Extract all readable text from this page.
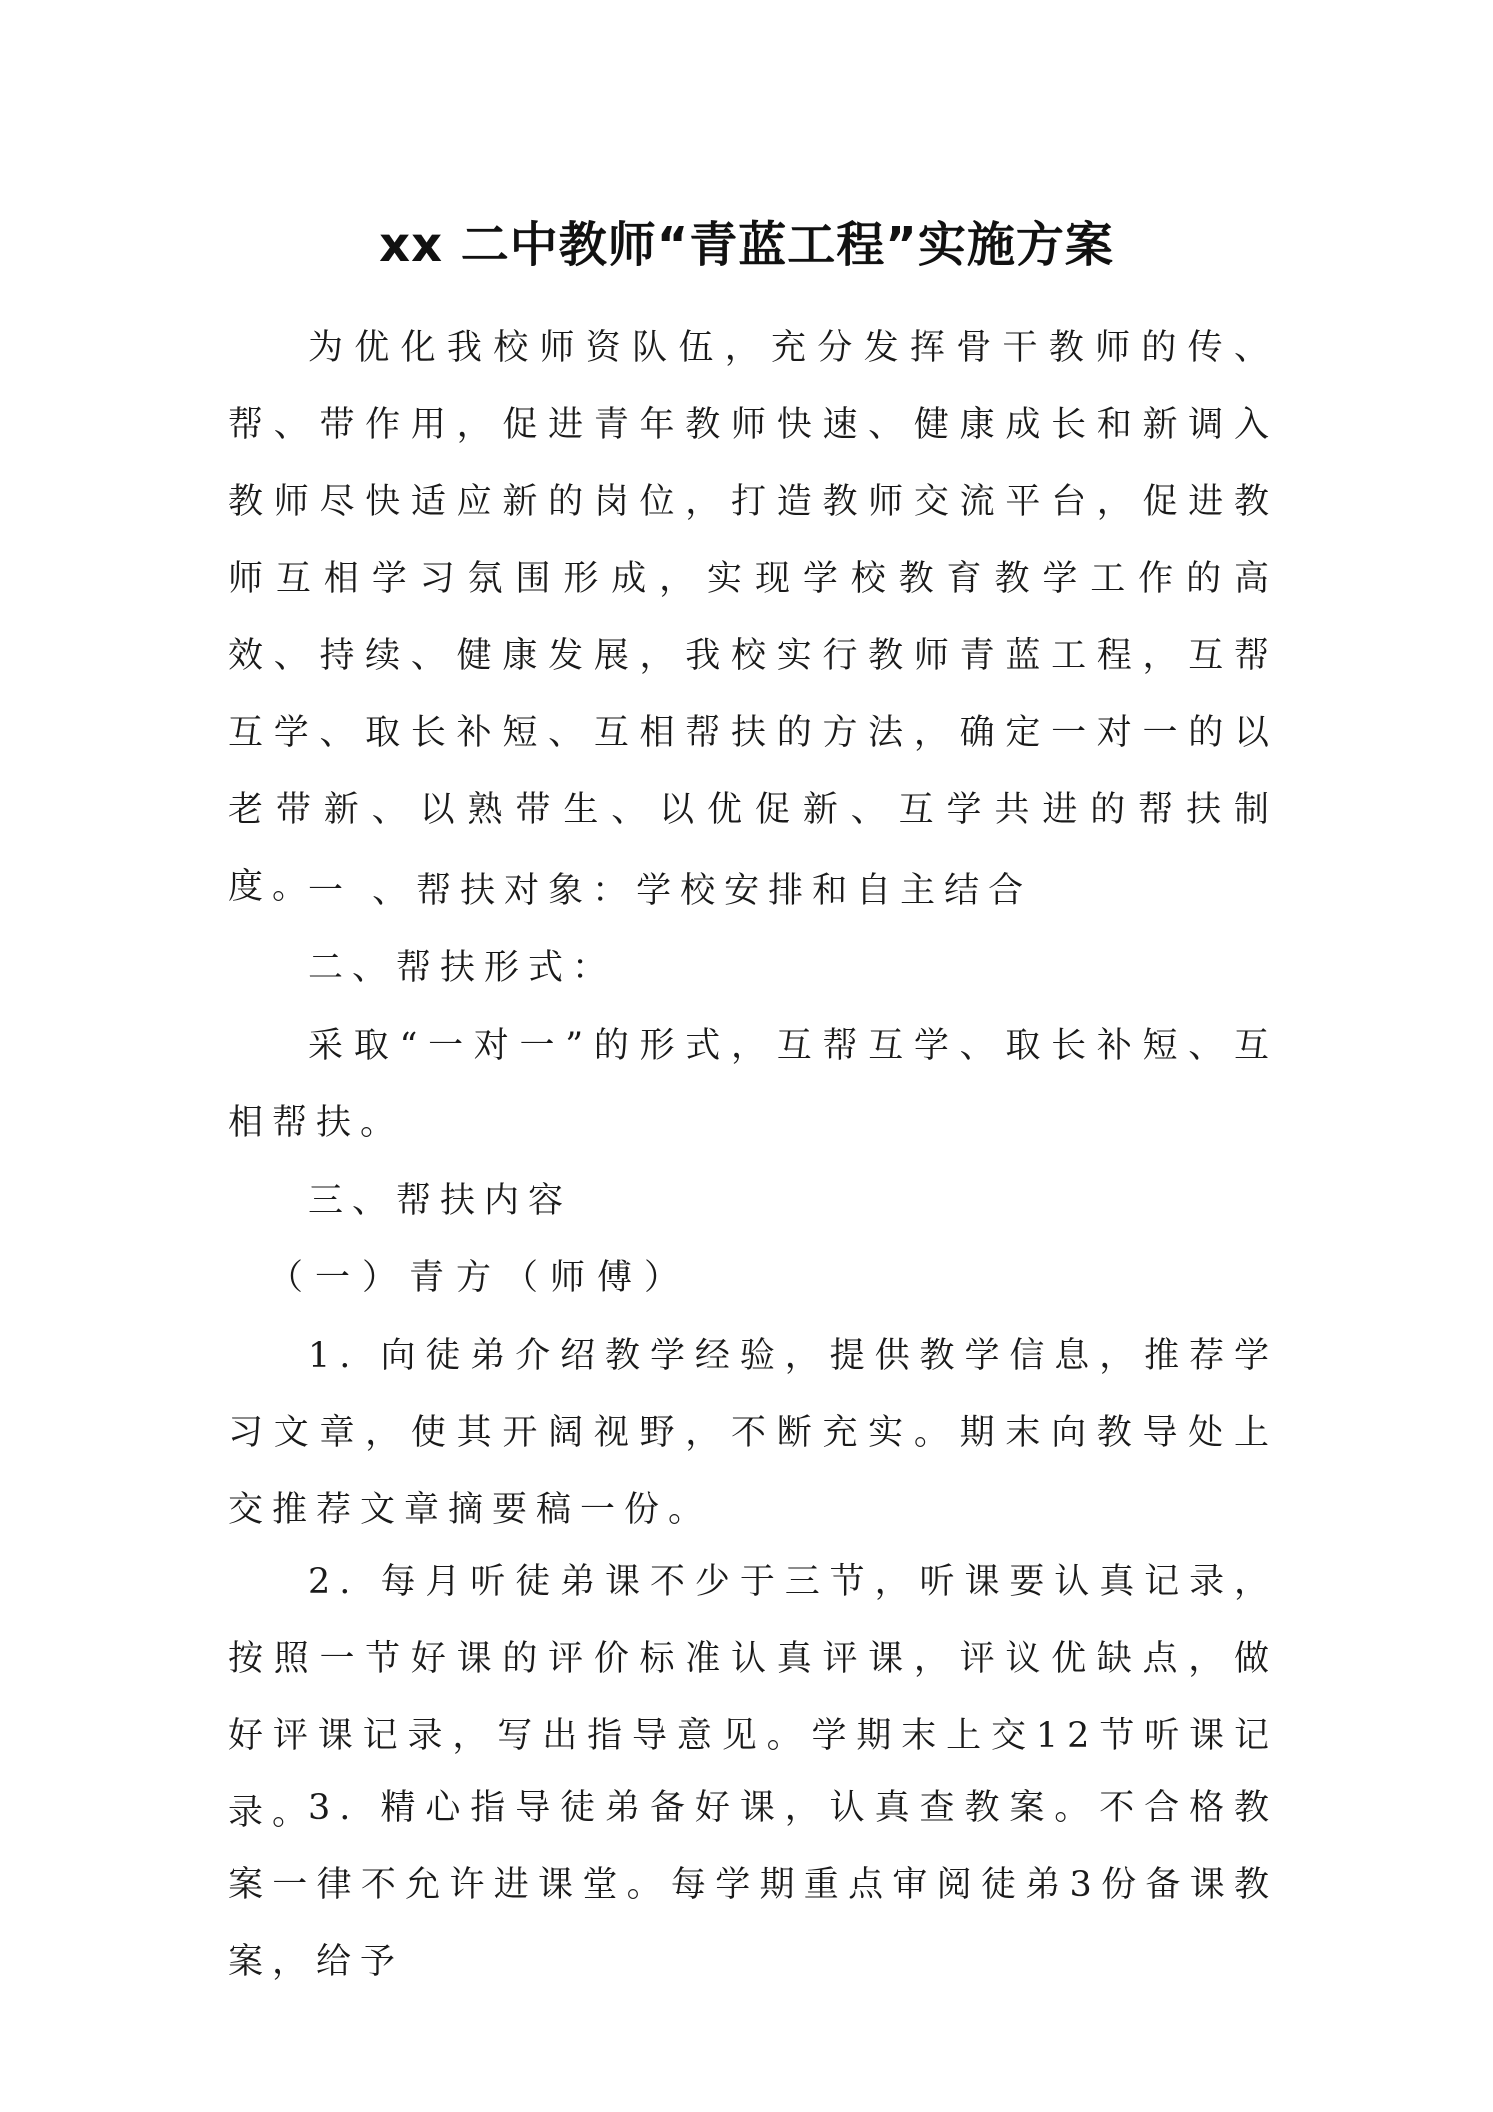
xx 二中教师“青蓝工程”实施方案

为优化我校师资队伍，充分发挥骨干教师的传、帮、带作用，促进青年教师快速、健康成长和新调入教师尽快适应新的岗位，打造教师交流平台，促进教师互相学习氛围形成，实现学校教育教学工作的高效、持续、健康发展，我校实行教师青蓝工程，互帮互学、取长补短、互相帮扶的方法，确定一对一的以老带新、以熟带生、以优促新、互学共进的帮扶制度。

一 、帮扶对象：学校安排和自主结合

二、帮扶形式：

采取“一对一”的形式，互帮互学、取长补短、互相帮扶。

三、帮扶内容

（一）青方（师傅）

1. 向徒弟介绍教学经验，提供教学信息，推荐学习文章，使其开阔视野，不断充实。期末向教导处上交推荐文章摘要稿一份。

2. 每月听徒弟课不少于三节，听课要认真记录，按照一节好课的评价标准认真评课，评议优缺点，做好评课记录，写出指导意见。学期末上交12节听课记录。

3. 精心指导徒弟备好课，认真查教案。不合格教案一律不允许进课堂。每学期重点审阅徒弟3份备课教案，给予
